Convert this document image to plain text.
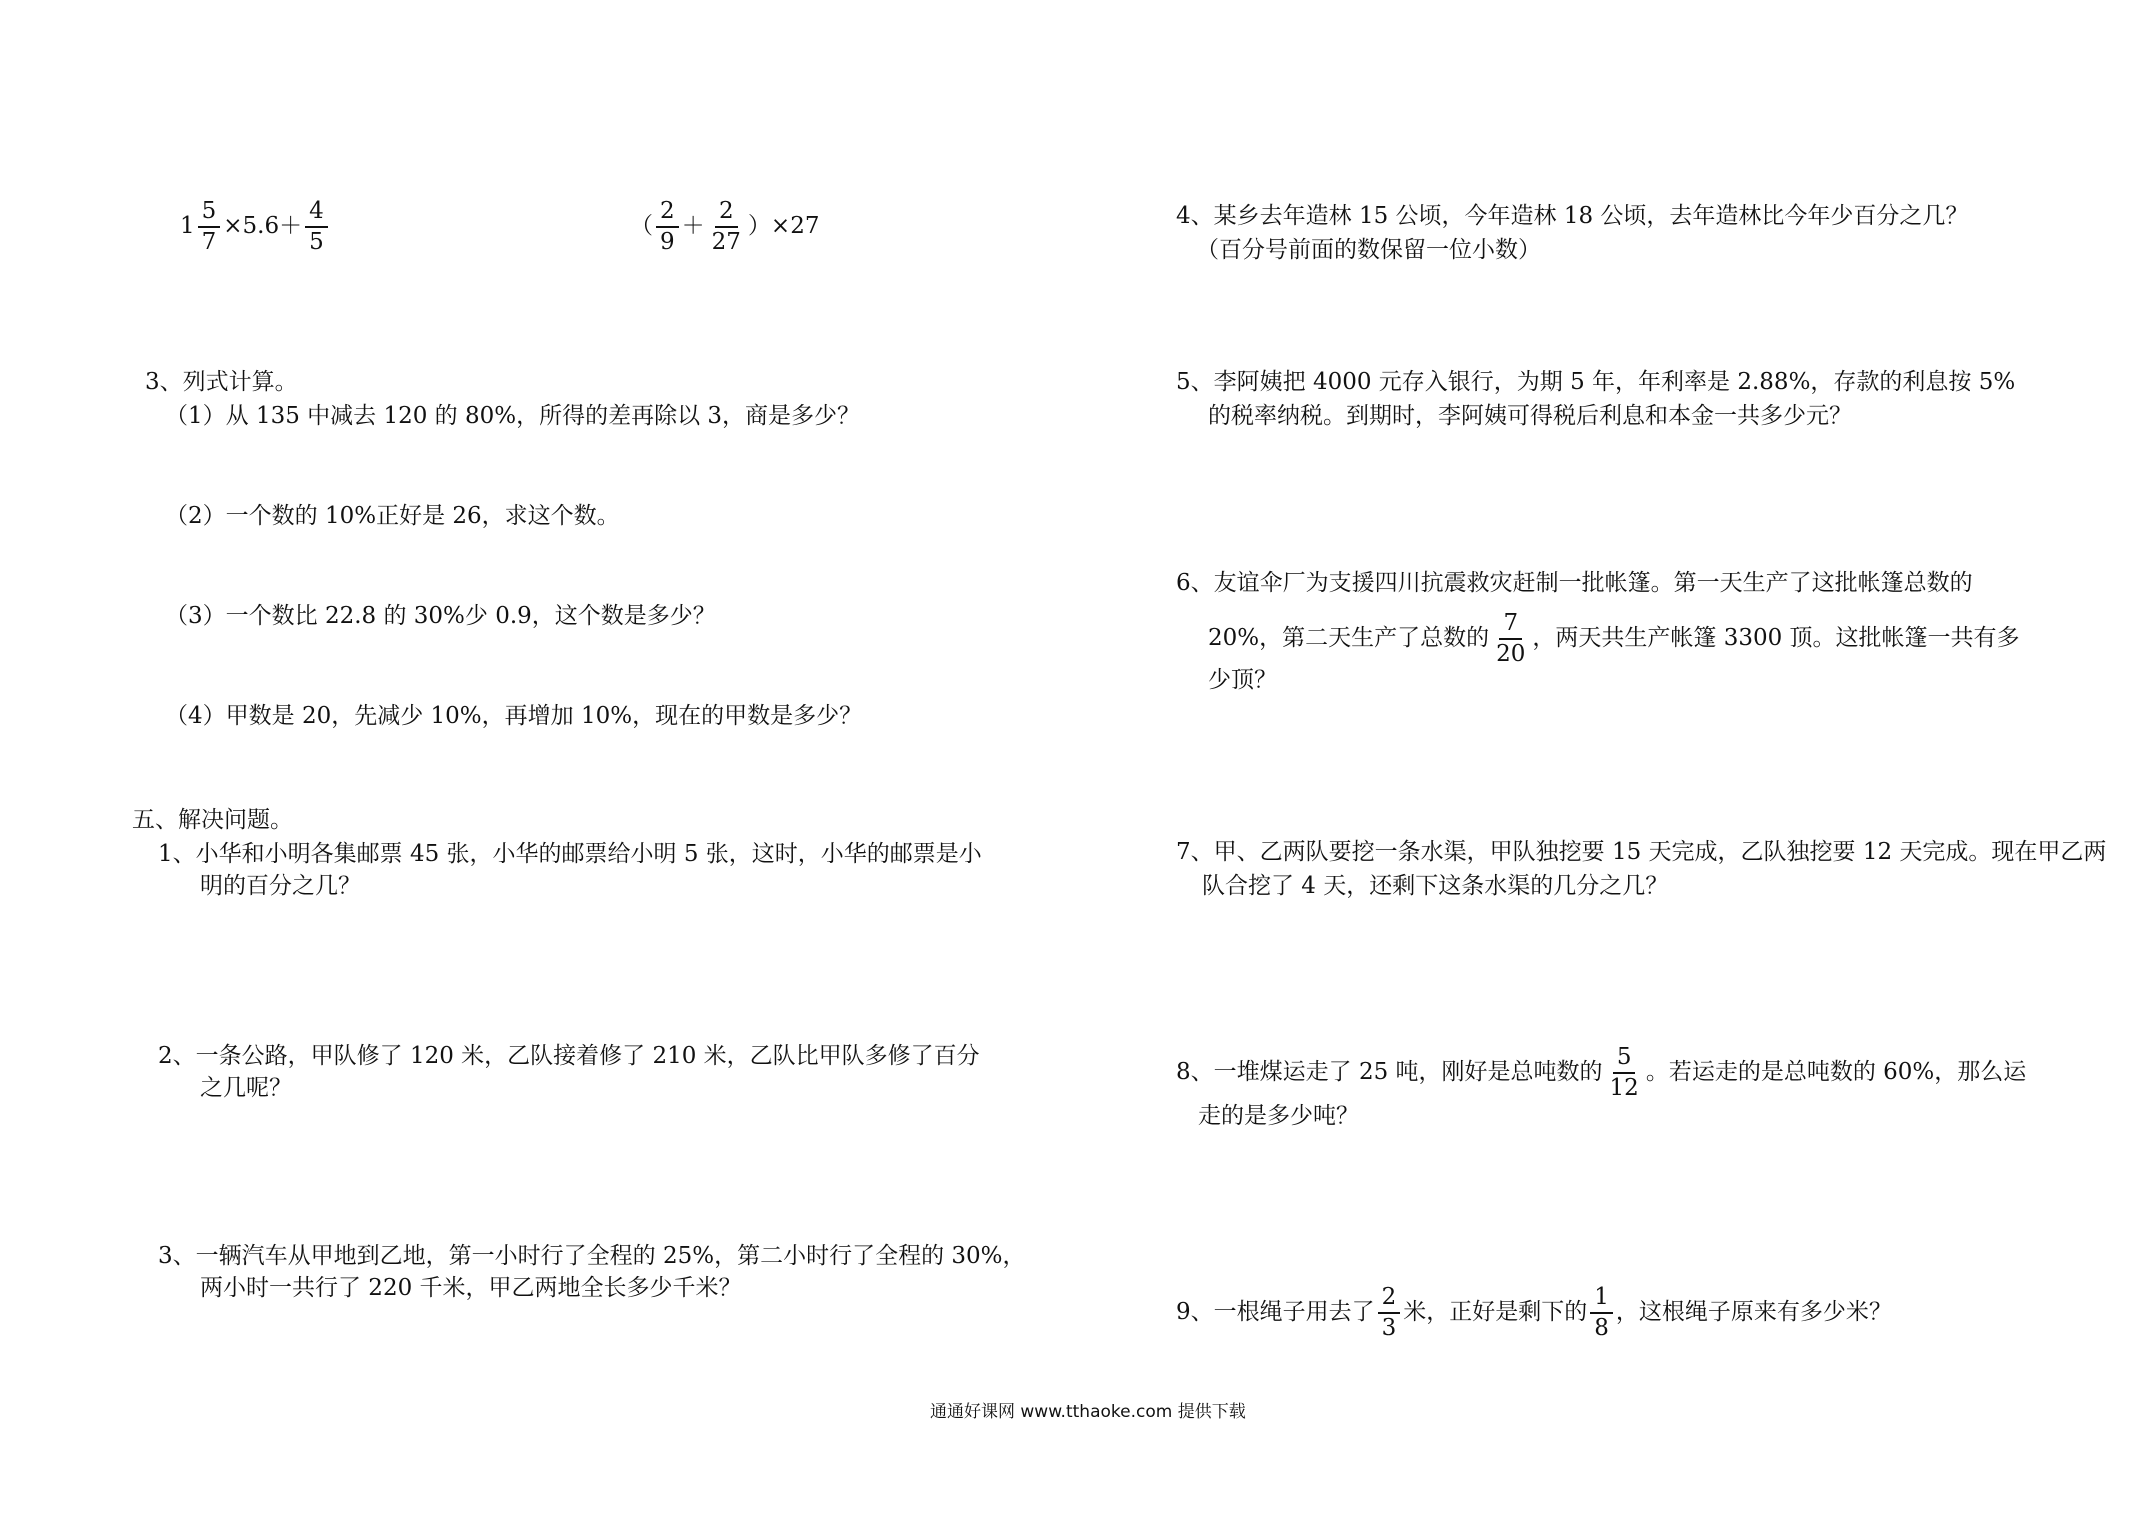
$1 \frac{5}{7} \times 5.6+ \frac{4}{5}$	（ $\frac{2}{9} + \frac{2}{27} )\times 27$
3、列式计算。
（1）从 135 中减去 120 的 80%，所得的差再除以 3，商是多少？
（2）一个数的 10%正好是 26，求这个数。
（3）一个数比 22.8 的 30%少 0.9，这个数是多少？
（4）甲数是 20，先减少 10%，再增加 10%，现在的甲数是多少？
五、解决问题。
1、小华和小明各集邮票 45 张，小华的邮票给小明 5 张，这时，小华的邮票是小
明的百分之几？
2、一条公路，甲队修了 120 米，乙队接着修了 210 米，乙队比甲队多修了百分
之几呢？
3、一辆汽车从甲地到乙地，第一小时行了全程的 25%，第二小时行了全程的 30%，
两小时一共行了 220 千米，甲乙两地全长多少千米？
4、某乡去年造林 15 公顷，今年造林 18 公顷，去年造林比今年少百分之几？
（百分号前面的数保留一位小数）
5、李阿姨把 4000 元存入银行，为期 5 年，年利率是 2.88%，存款的利息按 5%
的税率纳税。到期时，李阿姨可得税后利息和本金一共多少元？
6、友谊伞厂为支援四川抗震救灾赶制一批帐篷。第一天生产了这批帐篷总数的
20%，第二天生产了总数的 $\frac{7}{20}$ ，两天共生产帐篷 3300 顶。这批帐篷一共有多
少顶？
7、甲、乙两队要挖一条水渠，甲队独挖要 15 天完成，乙队独挖要 12 天完成。现在甲乙两
队合挖了 4 天，还剩下这条水渠的几分之几？
8、一堆煤运走了 25 吨，刚好是总吨数的 $\frac{5}{12}$ 。若运走的是总吨数的 60%，那么运
走的是多少吨？
9、一根绳子用去了 $\frac{2}{3}$ 米，正好是剩下的 $\frac{1}{8}$ ，这根绳子原来有多少米？
通通好课网 www.tthaoke.com 提供下载
